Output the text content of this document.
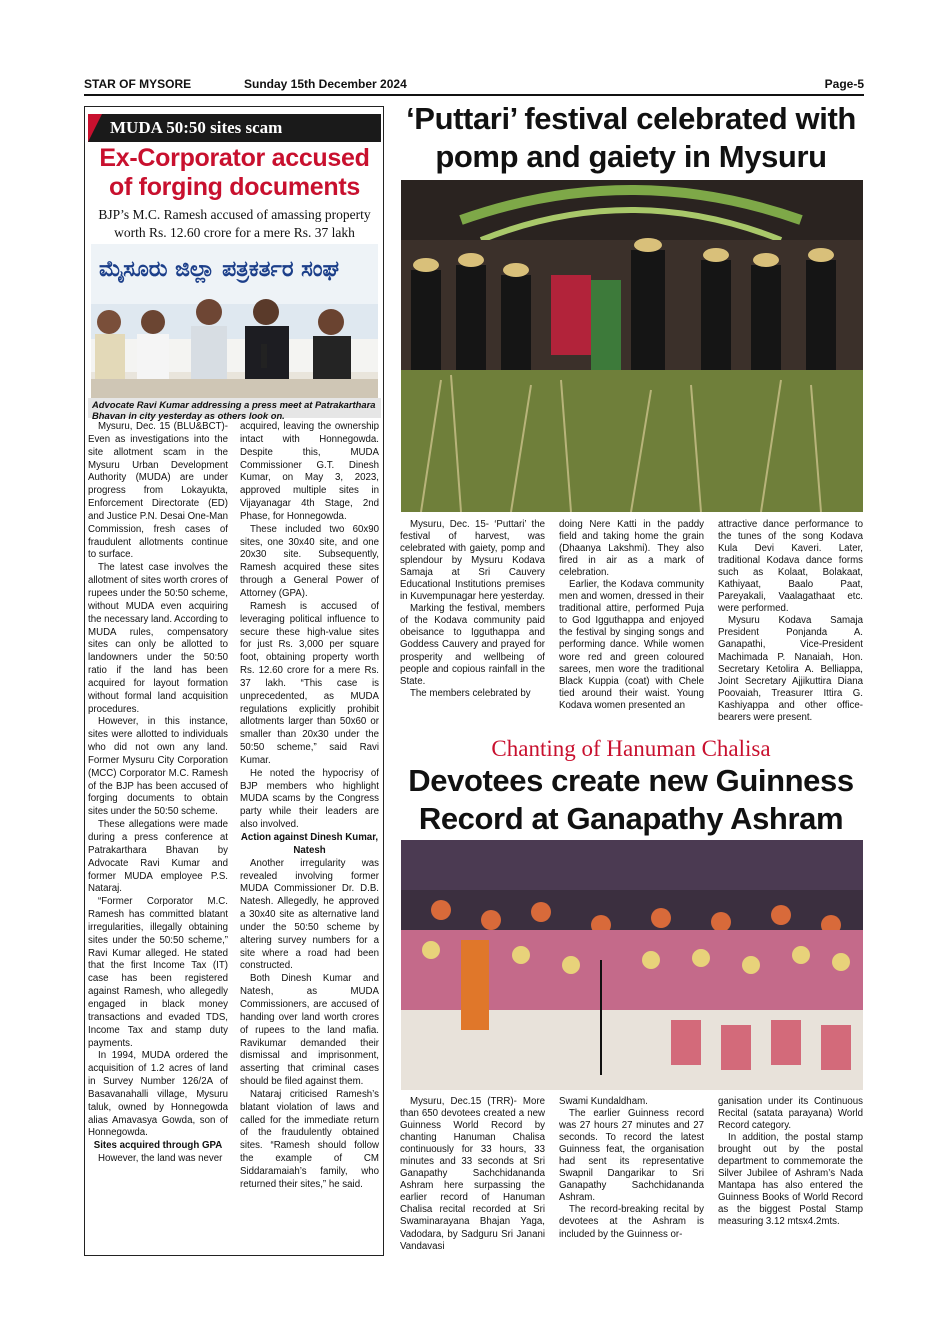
STAR OF MYSORE	Sunday 15th December 2024	Page-5
MUDA 50:50 sites scam
Ex-Corporator accused of forging documents
BJP’s M.C. Ramesh accused of amassing property worth Rs. 12.60 crore for a mere Rs. 37 lakh
ಮೈಸೂರು ಜಿಲ್ಲಾ ಪತ್ರಕರ್ತರ ಸಂಘ
Advocate Ravi Kumar addressing a press meet at Patrakarthara Bhavan in city yesterday as others look on.

Mysuru, Dec. 15 (BLU&BCT)- Even as investigations into the site allotment scam in the Mysuru Urban Development Authority (MUDA) are under progress from Lokayukta, Enforcement Directorate (ED) and Justice P.N. Desai One-Man Commission, fresh cases of fraudulent allotments continue to surface.

The latest case involves the allotment of sites worth crores of rupees under the 50:50 scheme, without MUDA even acquiring the necessary land. According to MUDA rules, compensatory sites can only be allotted to landowners under the 50:50 ratio if the land has been acquired for layout formation without formal land acquisition procedures.

However, in this instance, sites were allotted to individuals who did not own any land. Former Mysuru City Corporation (MCC) Corporator M.C. Ramesh of the BJP has been accused of forging documents to obtain sites under the 50:50 scheme.

These allegations were made during a press conference at Patrakarthara Bhavan by Advocate Ravi Kumar and former MUDA employee P.S. Nataraj.

“Former Corporator M.C. Ramesh has committed blatant irregularities, illegally obtaining sites under the 50:50 scheme,” Ravi Kumar alleged. He stated that the first Income Tax (IT) case has been registered against Ramesh, who allegedly engaged in black money transactions and evaded TDS, Income Tax and stamp duty payments.

In 1994, MUDA ordered the acquisition of 1.2 acres of land in Survey Number 126/2A of Basavanahalli village, Mysuru taluk, owned by Honnegowda alias Amavasya Gowda, son of Honnegowda.

Sites acquired through GPA

However, the land was never

acquired, leaving the ownership intact with Honnegowda. Despite this, MUDA Commissioner G.T. Dinesh Kumar, on May 3, 2023, approved multiple sites in Vijayanagar 4th Stage, 2nd Phase, for Honnegowda.

These included two 60x90 sites, one 30x40 site, and one 20x30 site. Subsequently, Ramesh acquired these sites through a General Power of Attorney (GPA).

Ramesh is accused of leveraging political influence to secure these high-value sites for just Rs. 3,000 per square foot, obtaining property worth Rs. 12.60 crore for a mere Rs. 37 lakh. “This case is unprecedented, as MUDA regulations explicitly prohibit allotments larger than 50x60 or smaller than 20x30 under the 50:50 scheme,” said Ravi Kumar.

He noted the hypocrisy of BJP members who highlight MUDA scams by the Congress party while their leaders are also involved.

Action against Dinesh Kumar, Natesh

Another irregularity was revealed involving former MUDA Commissioner Dr. D.B. Natesh. Allegedly, he approved a 30x40 site as alternative land under the 50:50 scheme by altering survey numbers for a site where a road had been constructed.

Both Dinesh Kumar and Natesh, as MUDA Commissioners, are accused of handing over land worth crores of rupees to the land mafia. Ravikumar demanded their dismissal and imprisonment, asserting that criminal cases should be filed against them.

Nataraj criticised Ramesh’s blatant violation of laws and called for the immediate return of the fraudulently obtained sites. “Ramesh should follow the example of CM Siddaramaiah’s family, who returned their sites,” he said.

‘Puttari’ festival celebrated with pomp and gaiety in Mysuru

Mysuru, Dec. 15- ‘Puttari’ the festival of harvest, was celebrated with gaiety, pomp and splendour by Mysuru Kodava Samaja at Sri Cauvery Educational Institutions premises in Kuvempunagar here yesterday.

Marking the festival, members of the Kodava community paid obeisance to Igguthappa and Goddess Cauvery and prayed for prosperity and wellbeing of people and copious rainfall in the State.

The members celebrated by

doing Nere Katti in the paddy field and taking home the grain (Dhaanya Lakshmi). They also fired in air as a mark of celebration.

Earlier, the Kodava community men and women, dressed in their traditional attire, performed Puja to God Igguthappa and enjoyed the festival by singing songs and performing dance. While women wore red and green coloured sarees, men wore the traditional Black Kuppia (coat) with Chele tied around their waist. Young Kodava women presented an

attractive dance performance to the tunes of the song Kodava Kula Devi Kaveri. Later, traditional Kodava dance forms such as Kolaat, Bolakaat, Kathiyaat, Baalo Paat, Pareyakali, Vaalagathaat etc. were performed.

Mysuru Kodava Samaja President Ponjanda A. Ganapathi, Vice-President Machimada P. Nanaiah, Hon. Secretary Ketolira A. Belliappa, Joint Secretary Ajjikuttira Diana Poovaiah, Treasurer Ittira G. Kashiyappa and other office-bearers were present.

Chanting of Hanuman Chalisa
Devotees create new Guinness Record at Ganapathy Ashram

Mysuru, Dec.15 (TRR)- More than 650 devotees created a new Guinness World Record by chanting Hanuman Chalisa continuously for 33 hours, 33 minutes and 33 seconds at Sri Ganapathy Sachchidananda Ashram here surpassing the earlier record of Hanuman Chalisa recital recorded at Sri Swaminarayana Bhajan Yaga, Vadodara, by Sadguru Sri Janani Vandavasi

Swami Kundaldham.

The earlier Guinness record was 27 hours 27 minutes and 27 seconds. To record the latest Guinness feat, the organisation had sent its representative Swapnil Dangarikar to Sri Ganapathy Sachchidananda Ashram.

The record-breaking recital by devotees at the Ashram is included by the Guinness or-

ganisation under its Continuous Recital (satata parayana) World Record category.

In addition, the postal stamp brought out by the postal department to commemorate the Silver Jubilee of Ashram’s Nada Mantapa has also entered the Guinness Books of World Record as the biggest Postal Stamp measuring 3.12 mtsx4.2mts.
